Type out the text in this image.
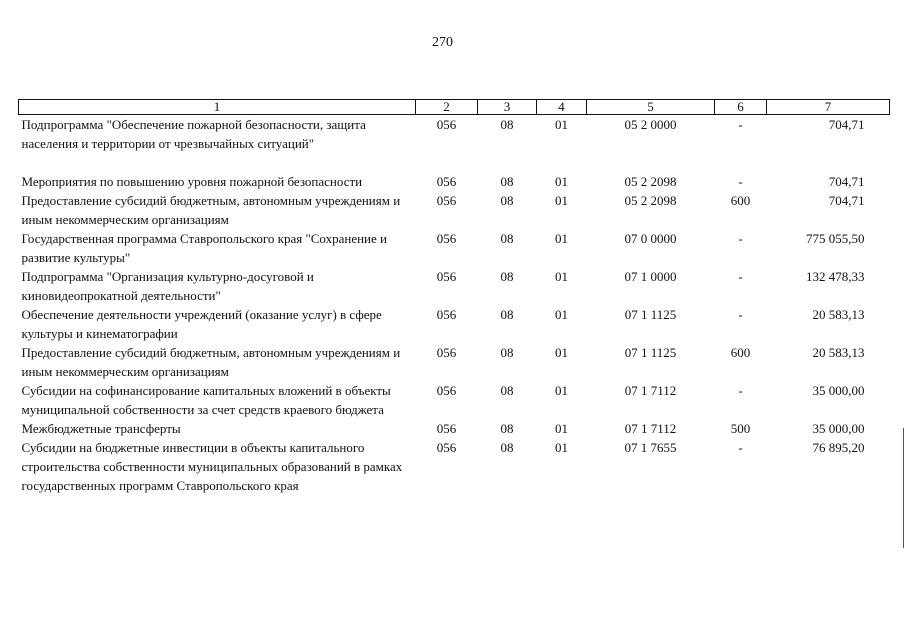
270
1	2	3	4	5	6	7
Подпрограмма "Обеспечение пожарной безопасности, защита населения и территории от чрезвычайных ситуаций"	056	08	01	05 2 0000	-	704,71
Мероприятия по повышению уровня пожарной безопасности	056	08	01	05 2 2098	-	704,71
Предоставление субсидий бюджетным, автономным учреждениям и иным некоммерческим организациям	056	08	01	05 2 2098	600	704,71
Государственная программа Ставропольского края "Сохранение и развитие культуры"	056	08	01	07 0 0000	-	775 055,50
Подпрограмма "Организация культурно-досуговой и киновидеопрокатной деятельности"	056	08	01	07 1 0000	-	132 478,33
Обеспечение деятельности учреждений (оказание услуг) в сфере культуры и кинематографии	056	08	01	07 1 1125	-	20 583,13
Предоставление субсидий бюджетным, автономным учреждениям и иным некоммерческим организациям	056	08	01	07 1 1125	600	20 583,13
Субсидии на софинансирование капитальных вложений в объекты муниципальной собственности за счет средств краевого бюджета	056	08	01	07 1 7112	-	35 000,00
Межбюджетные трансферты	056	08	01	07 1 7112	500	35 000,00
Субсидии на бюджетные инвестиции в объекты капитального строительства собственности муниципальных образований в рамках государственных программ Ставропольского края	056	08	01	07 1 7655	-	76 895,20
